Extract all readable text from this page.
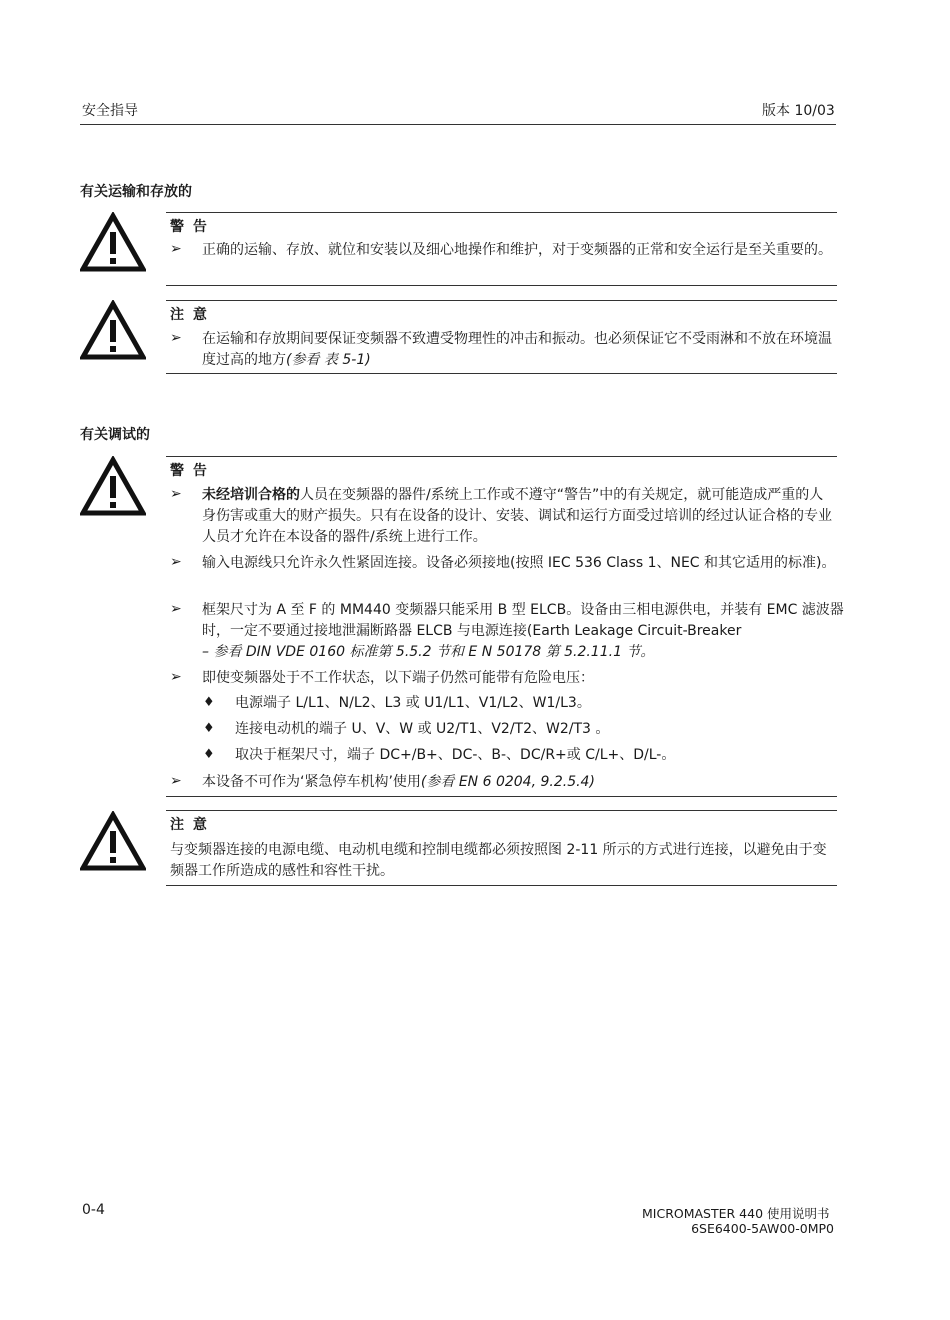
安全指导	版本 10/03
有关运输和存放的
警 告
➢ 正确的运输、存放、就位和安装以及细心地操作和维护，对于变频器的正常和安全运行是至关重要的。
注 意
➢ 在运输和存放期间要保证变频器不致遭受物理性的冲击和振动。也必须保证它不受雨淋和不放在环境温度过高的地方(参看 表 5-1)
有关调试的
警 告
➢ 未经培训合格的人员在变频器的器件/系统上工作或不遵守“警告”中的有关规定，就可能造成严重的人身伤害或重大的财产损失。只有在设备的设计、安装、调试和运行方面受过培训的经过认证合格的专业人员才允许在本设备的器件/系统上进行工作。
➢ 输入电源线只允许永久性紧固连接。设备必须接地(按照 IEC 536 Class 1、NEC 和其它适用的标准)。
➢ 框架尺寸为 A 至 F 的 MM440 变频器只能采用 B 型 ELCB。设备由三相电源供电，并装有 EMC 滤波器时，一定不要通过接地泄漏断路器 ELCB 与电源连接(Earth Leakage Circuit-Breaker
– 参看 DIN VDE 0160 标准第 5.5.2 节和 E N 50178 第 5.2.11.1 节。
➢ 即使变频器处于不工作状态，以下端子仍然可能带有危险电压：
♦ 电源端子 L/L1、N/L2、L3 或 U1/L1、V1/L2、W1/L3。
♦ 连接电动机的端子 U、V、W 或 U2/T1、V2/T2、W2/T3 。
♦ 取决于框架尺寸，端子 DC+/B+、DC-、B-、DC/R+或 C/L+、D/L-。
➢ 本设备不可作为‘紧急停车机构’使用(参看 EN 6 0204, 9.2.5.4)
注 意
与变频器连接的电源电缆、电动机电缆和控制电缆都必须按照图 2-11 所示的方式进行连接，以避免由于变频器工作所造成的感性和容性干扰。
0-4	MICROMASTER 440 使用说明书
6SE6400-5AW00-0MP0
